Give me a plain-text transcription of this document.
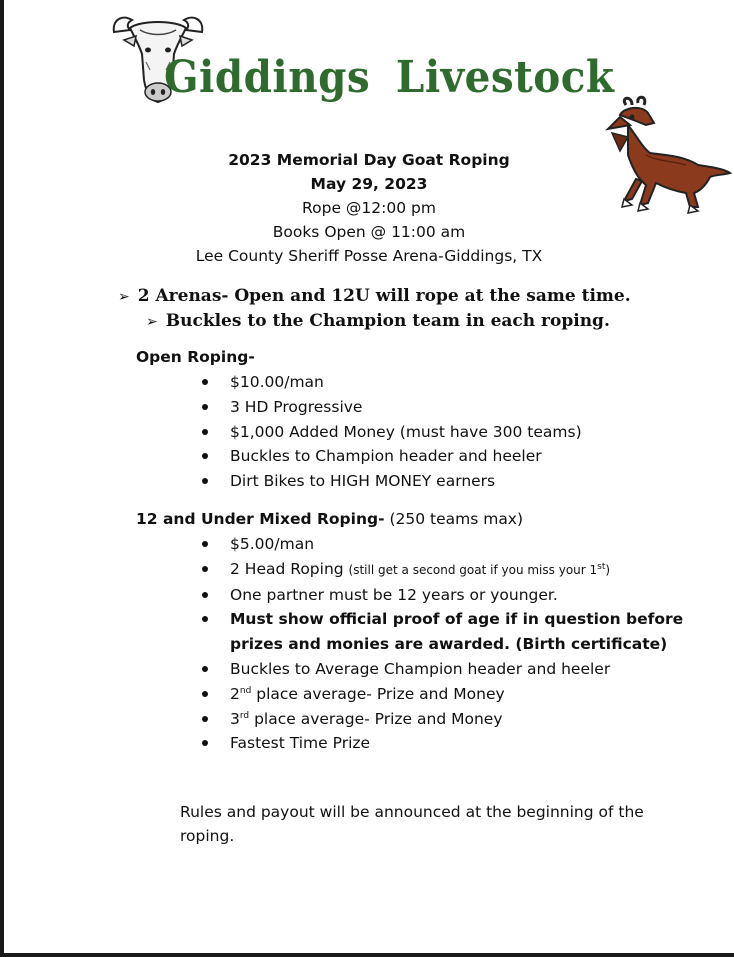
Giddings Livestock
2023 Memorial Day Goat Roping
May 29, 2023
Rope @12:00 pm
Books Open @ 11:00 am
Lee County Sheriff Posse Arena-Giddings, TX
➢ 2 Arenas- Open and 12U will rope at the same time.
➢ Buckles to the Champion team in each roping.
Open Roping-
$10.00/man
3 HD Progressive
$1,000 Added Money (must have 300 teams)
Buckles to Champion header and heeler
Dirt Bikes to HIGH MONEY earners
12 and Under Mixed Roping- (250 teams max)
$5.00/man
2 Head Roping (still get a second goat if you miss your 1st)
One partner must be 12 years or younger.
Must show official proof of age if in question before
prizes and monies are awarded. (Birth certificate)
Buckles to Average Champion header and heeler
2nd place average- Prize and Money
3rd place average- Prize and Money
Fastest Time Prize
Rules and payout will be announced at the beginning of the roping.
